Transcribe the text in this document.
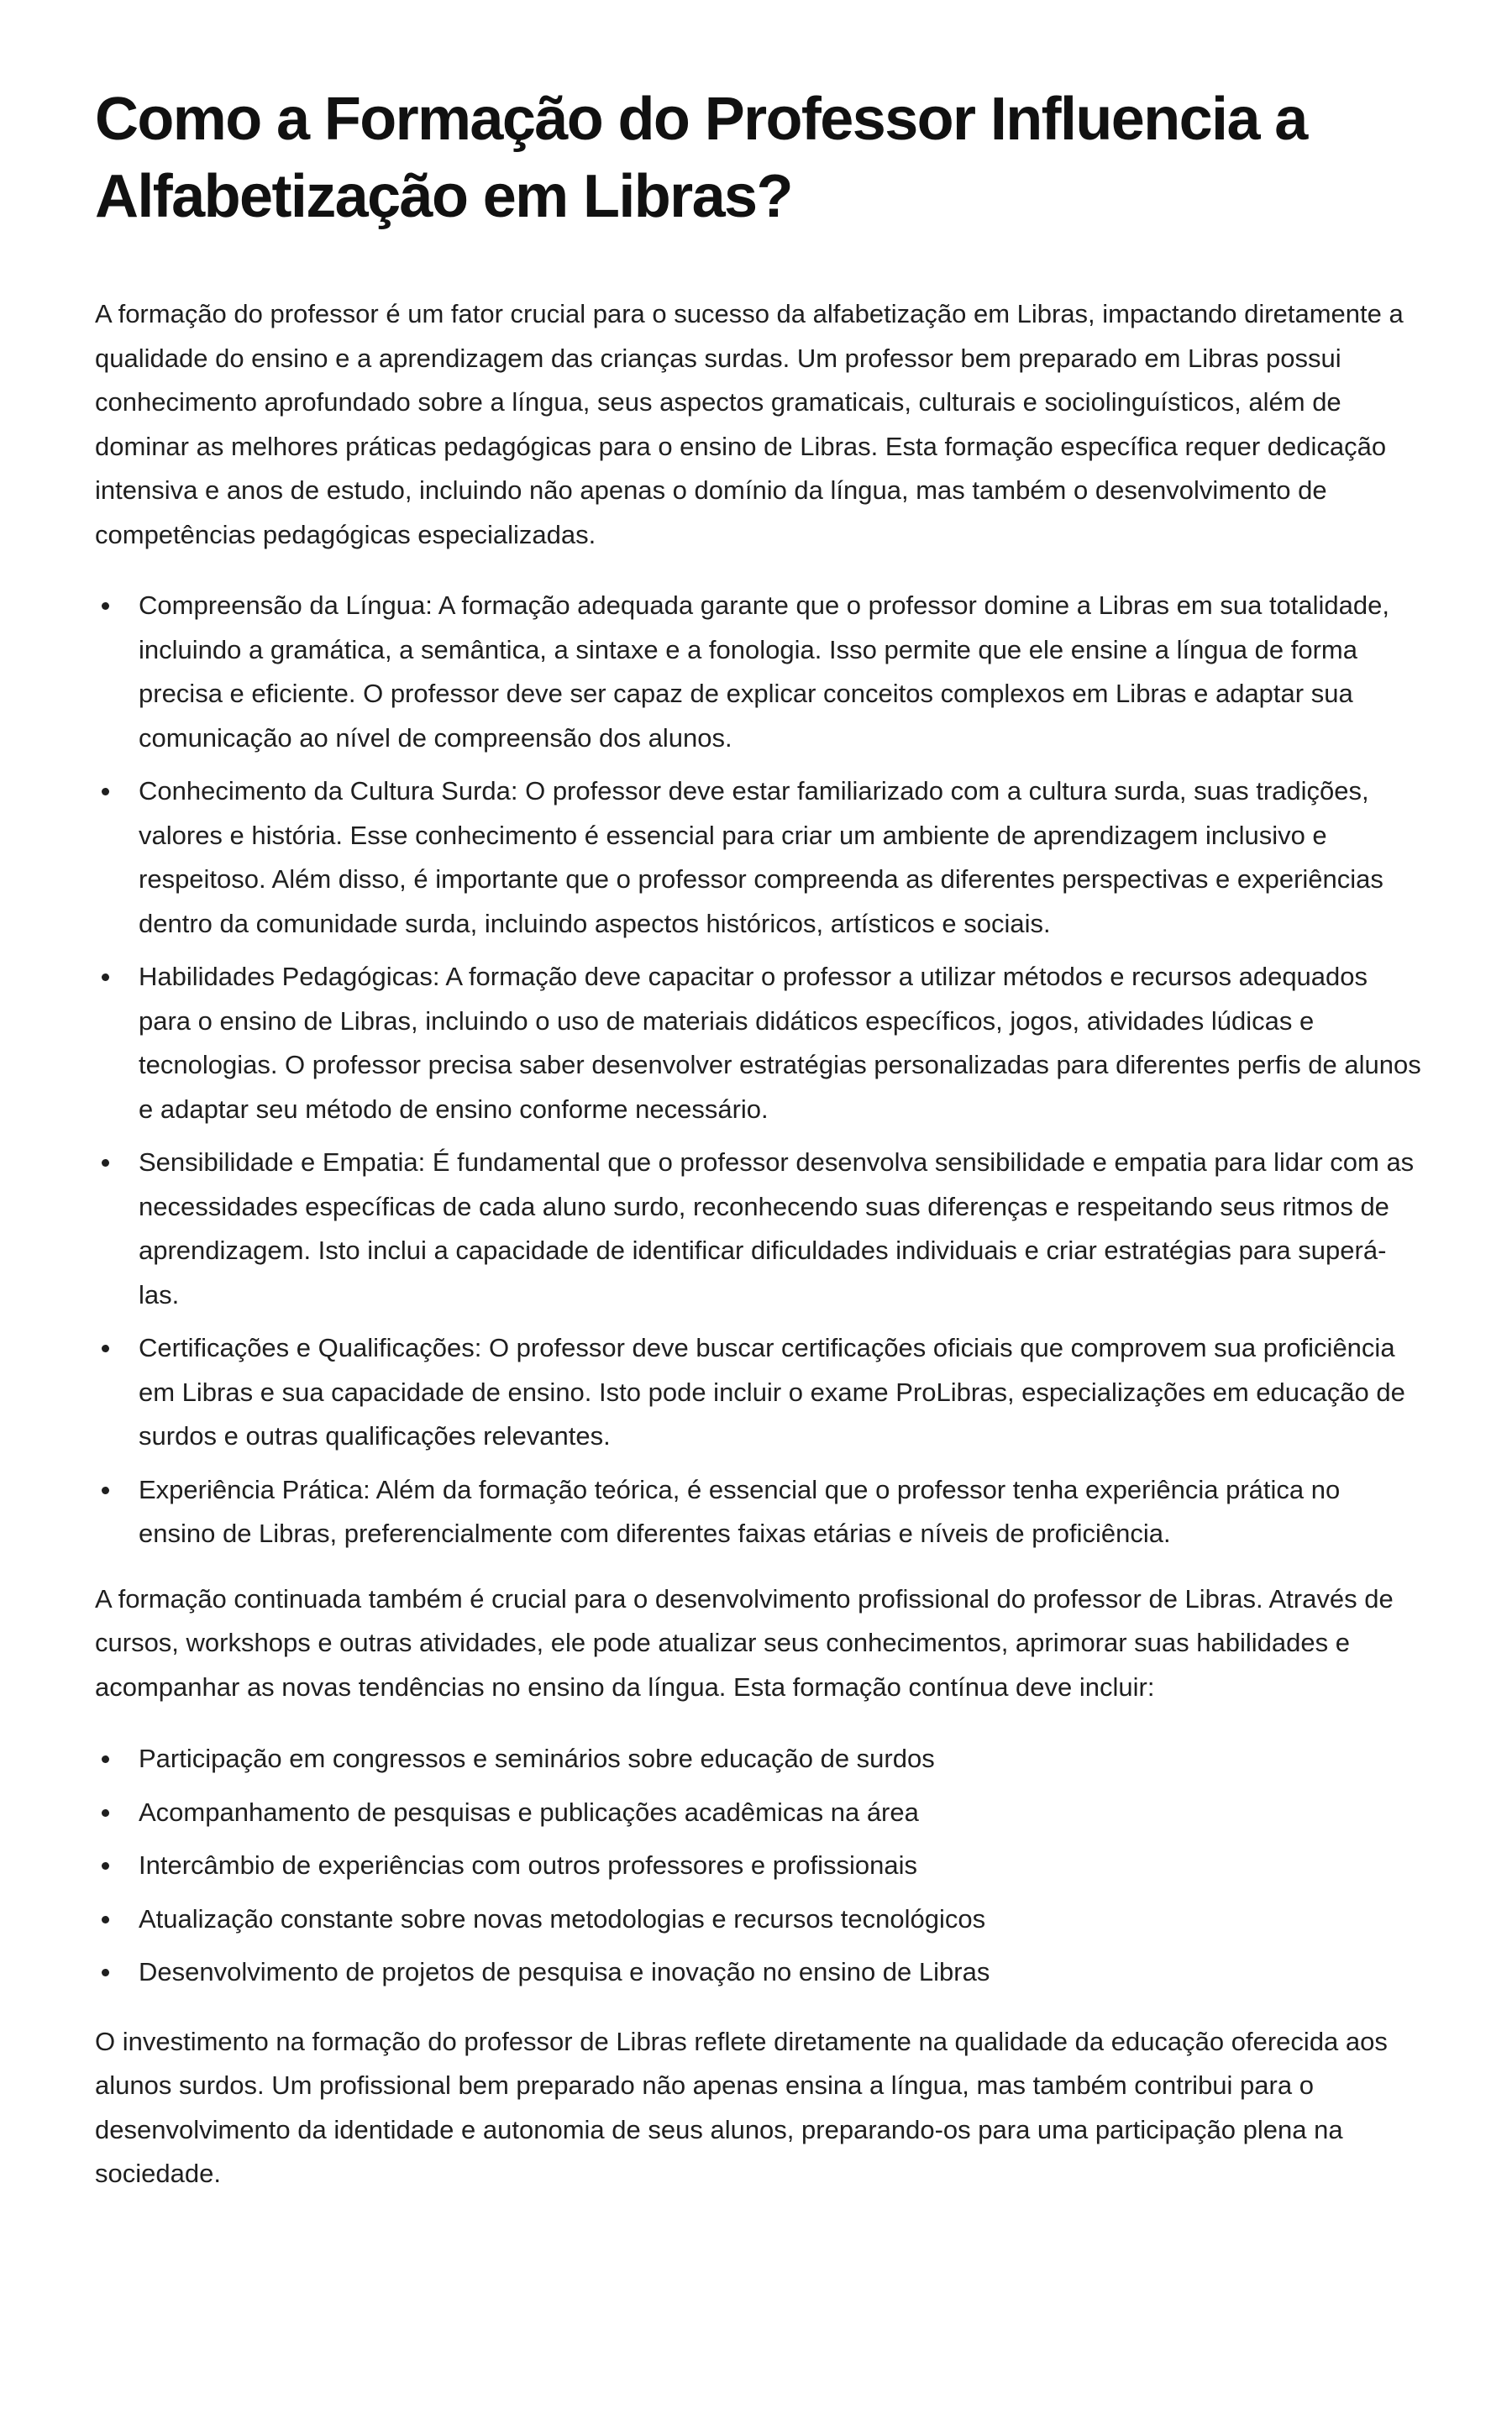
Como a Formação do Professor Influencia a Alfabetização em Libras?

A formação do professor é um fator crucial para o sucesso da alfabetização em Libras, impactando diretamente a qualidade do ensino e a aprendizagem das crianças surdas. Um professor bem preparado em Libras possui conhecimento aprofundado sobre a língua, seus aspectos gramaticais, culturais e sociolinguísticos, além de dominar as melhores práticas pedagógicas para o ensino de Libras. Esta formação específica requer dedicação intensiva e anos de estudo, incluindo não apenas o domínio da língua, mas também o desenvolvimento de competências pedagógicas especializadas.

Compreensão da Língua: A formação adequada garante que o professor domine a Libras em sua totalidade, incluindo a gramática, a semântica, a sintaxe e a fonologia. Isso permite que ele ensine a língua de forma precisa e eficiente. O professor deve ser capaz de explicar conceitos complexos em Libras e adaptar sua comunicação ao nível de compreensão dos alunos.
Conhecimento da Cultura Surda: O professor deve estar familiarizado com a cultura surda, suas tradições, valores e história. Esse conhecimento é essencial para criar um ambiente de aprendizagem inclusivo e respeitoso. Além disso, é importante que o professor compreenda as diferentes perspectivas e experiências dentro da comunidade surda, incluindo aspectos históricos, artísticos e sociais.
Habilidades Pedagógicas: A formação deve capacitar o professor a utilizar métodos e recursos adequados para o ensino de Libras, incluindo o uso de materiais didáticos específicos, jogos, atividades lúdicas e tecnologias. O professor precisa saber desenvolver estratégias personalizadas para diferentes perfis de alunos e adaptar seu método de ensino conforme necessário.
Sensibilidade e Empatia: É fundamental que o professor desenvolva sensibilidade e empatia para lidar com as necessidades específicas de cada aluno surdo, reconhecendo suas diferenças e respeitando seus ritmos de aprendizagem. Isto inclui a capacidade de identificar dificuldades individuais e criar estratégias para superá-las.
Certificações e Qualificações: O professor deve buscar certificações oficiais que comprovem sua proficiência em Libras e sua capacidade de ensino. Isto pode incluir o exame ProLibras, especializações em educação de surdos e outras qualificações relevantes.
Experiência Prática: Além da formação teórica, é essencial que o professor tenha experiência prática no ensino de Libras, preferencialmente com diferentes faixas etárias e níveis de proficiência.

A formação continuada também é crucial para o desenvolvimento profissional do professor de Libras. Através de cursos, workshops e outras atividades, ele pode atualizar seus conhecimentos, aprimorar suas habilidades e acompanhar as novas tendências no ensino da língua. Esta formação contínua deve incluir:

Participação em congressos e seminários sobre educação de surdos
Acompanhamento de pesquisas e publicações acadêmicas na área
Intercâmbio de experiências com outros professores e profissionais
Atualização constante sobre novas metodologias e recursos tecnológicos
Desenvolvimento de projetos de pesquisa e inovação no ensino de Libras

O investimento na formação do professor de Libras reflete diretamente na qualidade da educação oferecida aos alunos surdos. Um profissional bem preparado não apenas ensina a língua, mas também contribui para o desenvolvimento da identidade e autonomia de seus alunos, preparando-os para uma participação plena na sociedade.
